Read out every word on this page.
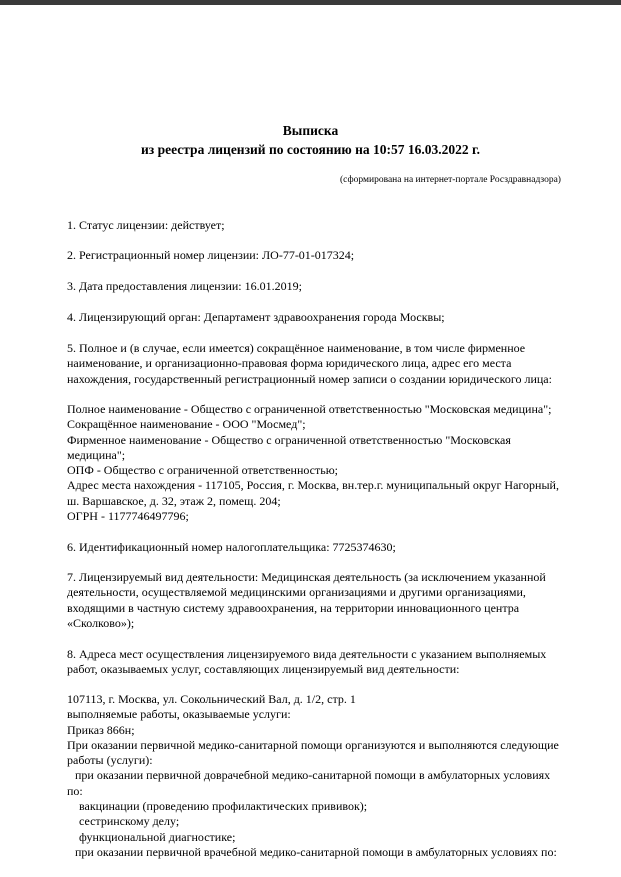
Выписка
из реестра лицензий по состоянию на 10:57 16.03.2022 г.
(сформирована на интернет-портале Росздравнадзора)
1. Статус лицензии: действует;
2. Регистрационный номер лицензии: ЛО-77-01-017324;
3. Дата предоставления лицензии: 16.01.2019;
4. Лицензирующий орган: Департамент здравоохранения города Москвы;
5. Полное и (в случае, если имеется) сокращённое наименование, в том числе фирменное
наименование, и организационно-правовая форма юридического лица, адрес его места
нахождения, государственный регистрационный номер записи о создании юридического лица:
Полное наименование - Общество с ограниченной ответственностью "Московская медицина";
Сокращённое наименование - ООО "Мосмед";
Фирменное наименование - Общество с ограниченной ответственностью "Московская
медицина";
ОПФ - Общество с ограниченной ответственностью;
Адрес места нахождения - 117105, Россия, г. Москва, вн.тер.г. муниципальный округ Нагорный,
ш. Варшавское, д. 32, этаж 2, помещ. 204;
ОГРН - 1177746497796;
6. Идентификационный номер налогоплательщика: 7725374630;
7. Лицензируемый вид деятельности: Медицинская деятельность (за исключением указанной
деятельности, осуществляемой медицинскими организациями и другими организациями,
входящими в частную систему здравоохранения, на территории инновационного центра
«Сколково»);
8. Адреса мест осуществления лицензируемого вида деятельности с указанием выполняемых
работ, оказываемых услуг, составляющих лицензируемый вид деятельности:
107113, г. Москва, ул. Сокольнический Вал, д. 1/2, стр. 1
выполняемые работы, оказываемые услуги:
Приказ 866н;
При оказании первичной медико-санитарной помощи организуются и выполняются следующие
работы (услуги):
при оказании первичной доврачебной медико-санитарной помощи в амбулаторных условиях
по:
вакцинации (проведению профилактических прививок);
сестринскому делу;
функциональной диагностике;
при оказании первичной врачебной медико-санитарной помощи в амбулаторных условиях по:
